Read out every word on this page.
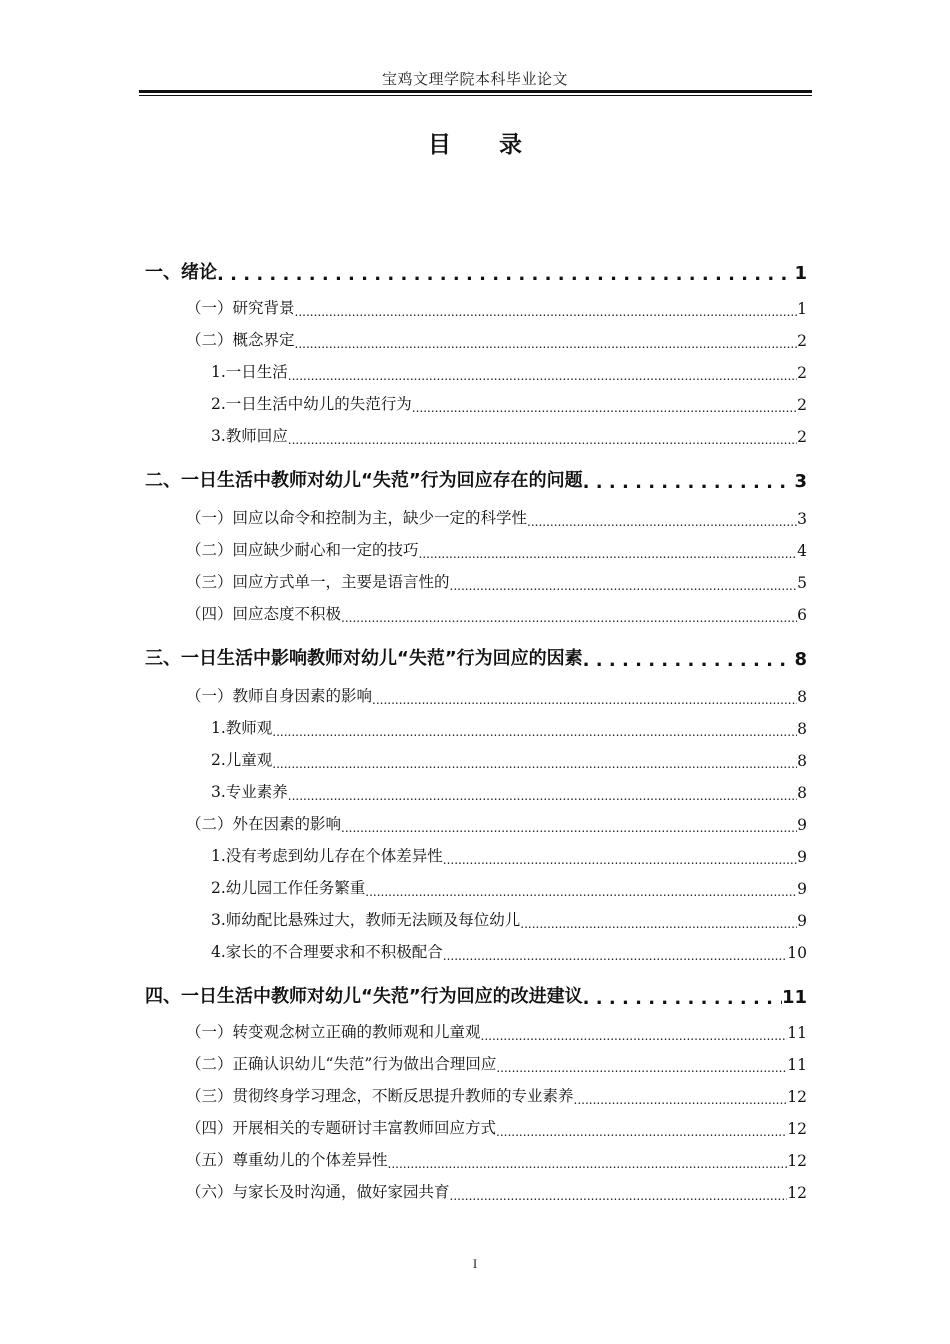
宝鸡文理学院本科毕业论文
目 录
一、绪论 . . .	1
（一）研究背景 .....	1
（二）概念界定 .....	2
1.一日生活 .....	2
2.一日生活中幼儿的失范行为 .....	2
3.教师回应 .....	2
二、一日生活中教师对幼儿“失范”行为回应存在的问题 . . .	3
（一）回应以命令和控制为主，缺少一定的科学性 .....	3
（二）回应缺少耐心和一定的技巧 .....	4
（三）回应方式单一，主要是语言性的 .....	5
（四）回应态度不积极 .....	6
三、一日生活中影响教师对幼儿“失范”行为回应的因素 . . .	8
（一）教师自身因素的影响 .....	8
1.教师观 .....	8
2.儿童观 .....	8
3.专业素养 .....	8
（二）外在因素的影响 .....	9
1.没有考虑到幼儿存在个体差异性 .....	9
2.幼儿园工作任务繁重 .....	9
3.师幼配比悬殊过大，教师无法顾及每位幼儿 .....	9
4.家长的不合理要求和不积极配合 .....	10
四、一日生活中教师对幼儿“失范”行为回应的改进建议 . . .	11
（一）转变观念树立正确的教师观和儿童观 .....	11
（二）正确认识幼儿“失范”行为做出合理回应 .....	11
（三）贯彻终身学习理念，不断反思提升教师的专业素养 .....	12
（四）开展相关的专题研讨丰富教师回应方式 .....	12
（五）尊重幼儿的个体差异性 .....	12
（六）与家长及时沟通，做好家园共育 .....	12
I
